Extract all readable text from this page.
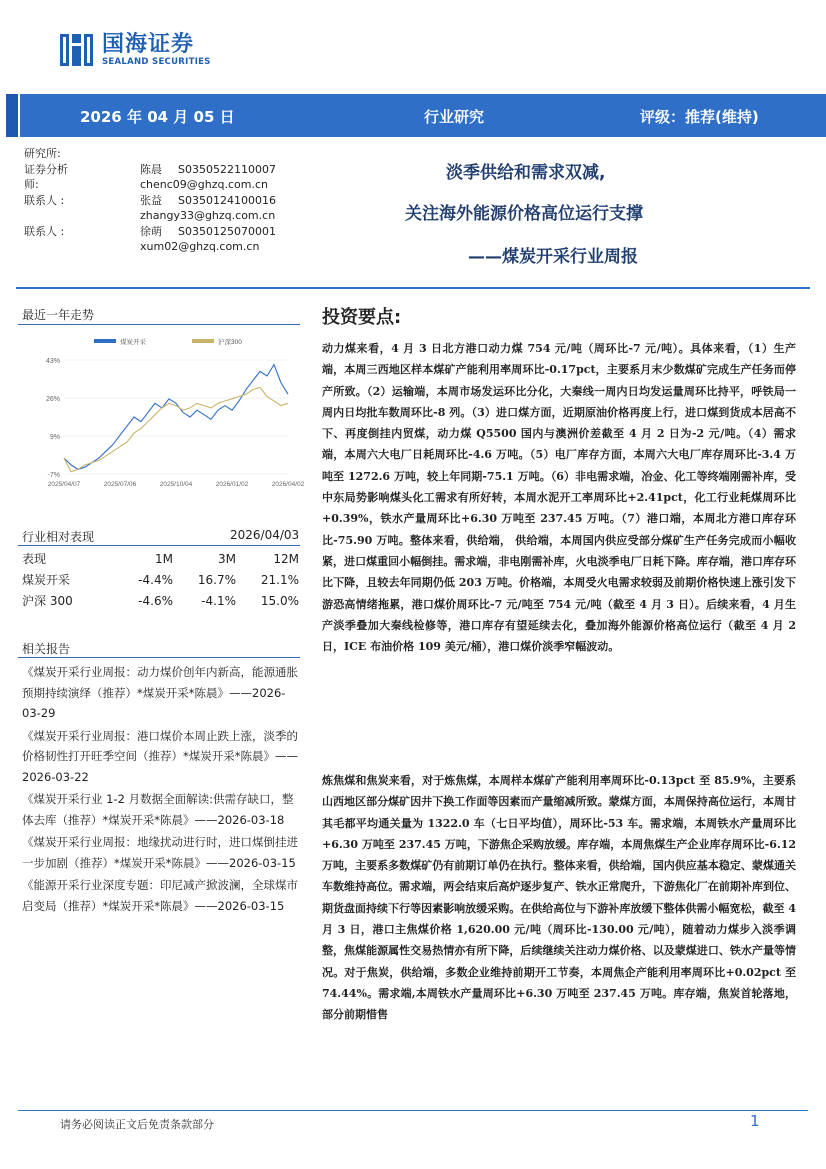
国海证券
SEALAND SECURITIES
2026 年 04 月 05 日	行业研究	评级：推荐(维持)
研究所:
证券分析师:
陈晨	S0350522110007
chenc09@ghzq.com.cn
联系人 :	张益	S0350124100016
zhangy33@ghzq.com.cn
联系人 :	徐萌	S0350125070001
xum02@ghzq.com.cn
淡季供给和需求双减,
关注海外能源价格高位运行支撑
——煤炭开采行业周报
最近一年走势
-7%
9%
26%
43%
2025/04/07	2025/07/06	2025/10/04	2026/01/02	2026/04/02
煤炭开采	沪深300
行业相对表现	2026/04/03
表现	1M	3M	12M
煤炭开采	-4.4%	16.7%	21.1%
沪深 300	-4.6%	-4.1%	15.0%
相关报告
《煤炭开采行业周报：动力煤价创年内新高，能源通胀预期持续演绎（推荐）*煤炭开采*陈晨》——2026-03-29
《煤炭开采行业周报：港口煤价本周止跌上涨，淡季的价格韧性打开旺季空间（推荐）*煤炭开采*陈晨》——2026-03-22
《煤炭开采行业 1-2 月数据全面解读:供需存缺口，整体去库（推荐）*煤炭开采*陈晨》——2026-03-18
《煤炭开采行业周报：地缘扰动进行时，进口煤倒挂进一步加剧（推荐）*煤炭开采*陈晨》——2026-03-15
《能源开采行业深度专题：印尼减产掀波澜，全球煤市启变局（推荐）*煤炭开采*陈晨》——2026-03-15
投资要点:
动力煤来看，4 月 3 日北方港口动力煤 754 元/吨（周环比-7 元/吨）。具体来看，（1）生产端，本周三西地区样本煤矿产能利用率周环比-0.17pct，主要系月末少数煤矿完成生产任务而停产所致。（2）运输端，本周市场发运环比分化，大秦线一周内日均发运量周环比持平，呼铁局一周内日均批车数周环比-8 列。（3）进口煤方面，近期原油价格再度上行，进口煤到货成本居高不下、再度倒挂内贸煤，动力煤 Q5500 国内与澳洲价差截至 4 月 2 日为-2 元/吨。（4）需求端，本周六大电厂日耗周环比-4.6 万吨。（5）电厂库存方面，本周六大电厂库存周环比-3.4 万吨至 1272.6 万吨，较上年同期-75.1 万吨。（6）非电需求端，冶金、化工等终端刚需补库，受中东局势影响煤头化工需求有所好转，本周水泥开工率周环比+2.41pct，化工行业耗煤周环比+0.39%，铁水产量周环比+6.30 万吨至 237.45 万吨。（7）港口端，本周北方港口库存环比-75.90 万吨。整体来看，供给端， 供给端，本周国内供应受部分煤矿生产任务完成而小幅收紧，进口煤重回小幅倒挂。需求端，非电刚需补库，火电淡季电厂日耗下降。库存端，港口库存环比下降，且较去年同期仍低 203 万吨。价格端，本周受火电需求较弱及前期价格快速上涨引发下游恐高情绪拖累，港口煤价周环比-7 元/吨至 754 元/吨（截至 4 月 3 日）。后续来看，4 月生产淡季叠加大秦线检修等，港口库存有望延续去化，叠加海外能源价格高位运行（截至 4 月 2 日，ICE 布油价格 109 美元/桶），港口煤价淡季窄幅波动。
炼焦煤和焦炭来看，对于炼焦煤，本周样本煤矿产能利用率周环比-0.13pct 至 85.9%，主要系山西地区部分煤矿因井下换工作面等因素而产量缩减所致。蒙煤方面，本周保持高位运行，本周甘其毛都平均通关量为 1322.0 车（七日平均值），周环比-53 车。需求端，本周铁水产量周环比+6.30 万吨至 237.45 万吨，下游焦企采购放缓。库存端，本周焦煤生产企业库存周环比-6.12 万吨，主要系多数煤矿仍有前期订单仍在执行。整体来看，供给端，国内供应基本稳定、蒙煤通关车数维持高位。需求端，两会结束后高炉逐步复产、铁水正常爬升，下游焦化厂在前期补库到位、期货盘面持续下行等因素影响放缓采购。在供给高位与下游补库放缓下整体供需小幅宽松，截至 4 月 3 日，港口主焦煤价格 1,620.00 元/吨（周环比-130.00 元/吨），随着动力煤步入淡季调整，焦煤能源属性交易热情亦有所下降，后续继续关注动力煤价格、以及蒙煤进口、铁水产量等情况。对于焦炭，供给端，多数企业维持前期开工节奏，本周焦企产能利用率周环比+0.02pct 至 74.44%。需求端,本周铁水产量周环比+6.30 万吨至 237.45 万吨。库存端，焦炭首轮落地，部分前期惜售
请务必阅读正文后免责条款部分	1
